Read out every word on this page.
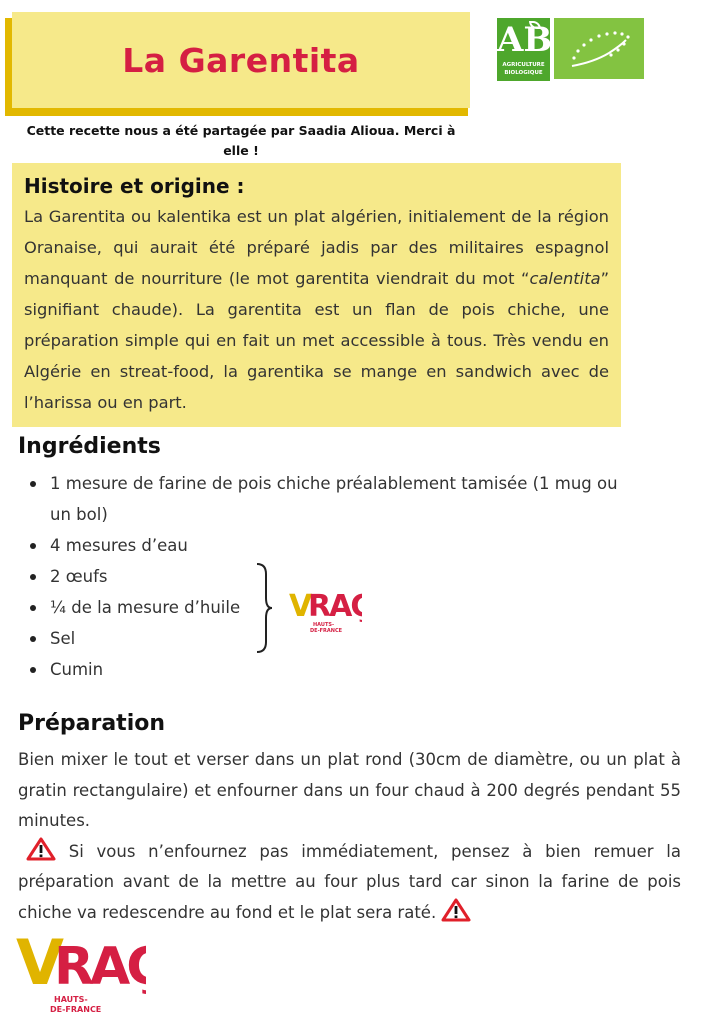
La Garentita	AB
AGRICULTURE
BIOLOGIQUE
Cette recette nous a été partagée par Saadia Alioua. Merci à elle !
Histoire et origine :

La Garentita ou kalentika est un plat algérien, initialement de la région Oranaise, qui aurait été préparé jadis par des militaires espagnol manquant de nourriture (le mot garentita viendrait du mot “calentita” signifiant chaude). La garentita est un flan de pois chiche, une préparation simple qui en fait un met accessible à tous. Très vendu en Algérie en streat-food, la garentika se mange en sandwich avec de l’harissa ou en part.

Ingrédients
1 mesure de farine de pois chiche préalablement tamisée (1 mug ou un bol)
4 mesures d’eau
2 œufs
¼ de la mesure d’huile
Sel
Cumin
V
RAÇ
HAUTS-
DE-FRANCE
Préparation

Bien mixer le tout et verser dans un plat rond (30cm de diamètre, ou un plat à gratin rectangulaire) et enfourner dans un four chaud à 200 degrés pendant 55 minutes.

Si vous n’enfournez pas immédiatement, pensez à bien remuer la préparation avant de la mettre au four plus tard car sinon la farine de pois chiche va redescendre au fond et le plat sera raté.

V
RAÇ
HAUTS-
DE-FRANCE
